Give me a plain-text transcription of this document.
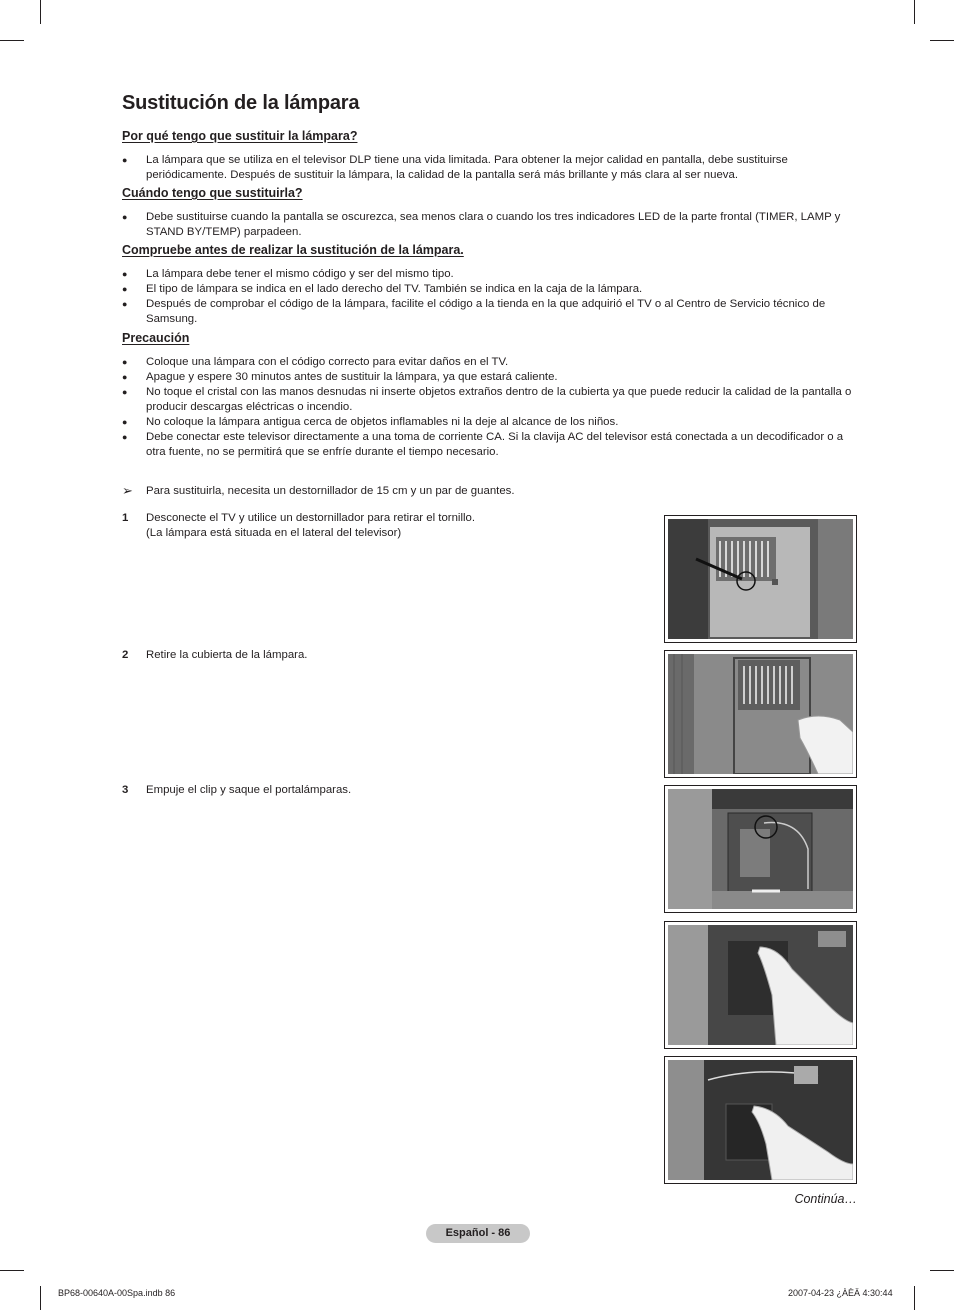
Sustitución de la lámpara
Por qué tengo que sustituir la lámpara?
● La lámpara que se utiliza en el televisor DLP tiene una vida limitada. Para obtener la mejor calidad en pantalla, debe sustituirse periódicamente. Después de sustituir la lámpara, la calidad de la pantalla será más brillante y más clara al ser nueva.
Cuándo tengo que sustituirla?
● Debe sustituirse cuando la pantalla se oscurezca, sea menos clara o cuando los tres indicadores LED de la parte frontal (TIMER, LAMP y STAND BY/TEMP) parpadeen.
Compruebe antes de realizar la sustitución de la lámpara.
● La lámpara debe tener el mismo código y ser del mismo tipo.
● El tipo de lámpara se indica en el lado derecho del TV. También se indica en la caja de la lámpara.
● Después de comprobar el código de la lámpara, facilite el código a la tienda en la que adquirió el TV o al Centro de Servicio técnico de Samsung.
Precaución
● Coloque una lámpara con el código correcto para evitar daños en el TV.
● Apague y espere 30 minutos antes de sustituir la lámpara, ya que estará caliente.
● No toque el cristal con las manos desnudas ni inserte objetos extraños dentro de la cubierta ya que puede reducir la calidad de la pantalla o producir descargas eléctricas o incendio.
● No coloque la lámpara antigua cerca de objetos inflamables ni la deje al alcance de los niños.
● Debe conectar este televisor directamente a una toma de corriente CA. Si la clavija AC del televisor está conectada a un decodificador o a otra fuente, no se permitirá que se enfríe durante el tiempo necesario.
➢	Para sustituirla, necesita un destornillador de 15 cm y un par de guantes.
1	Desconecte el TV y utilice un destornillador para retirar el tornillo.
(La lámpara está situada en el lateral del televisor)
2	Retire la cubierta de la lámpara.
3	Empuje el clip y saque el portalámparas.
Continúa…
Español - 86
BP68-00640A-00Spa.indb 86	2007-04-23 ¿ÀÈÄ 4:30:44
